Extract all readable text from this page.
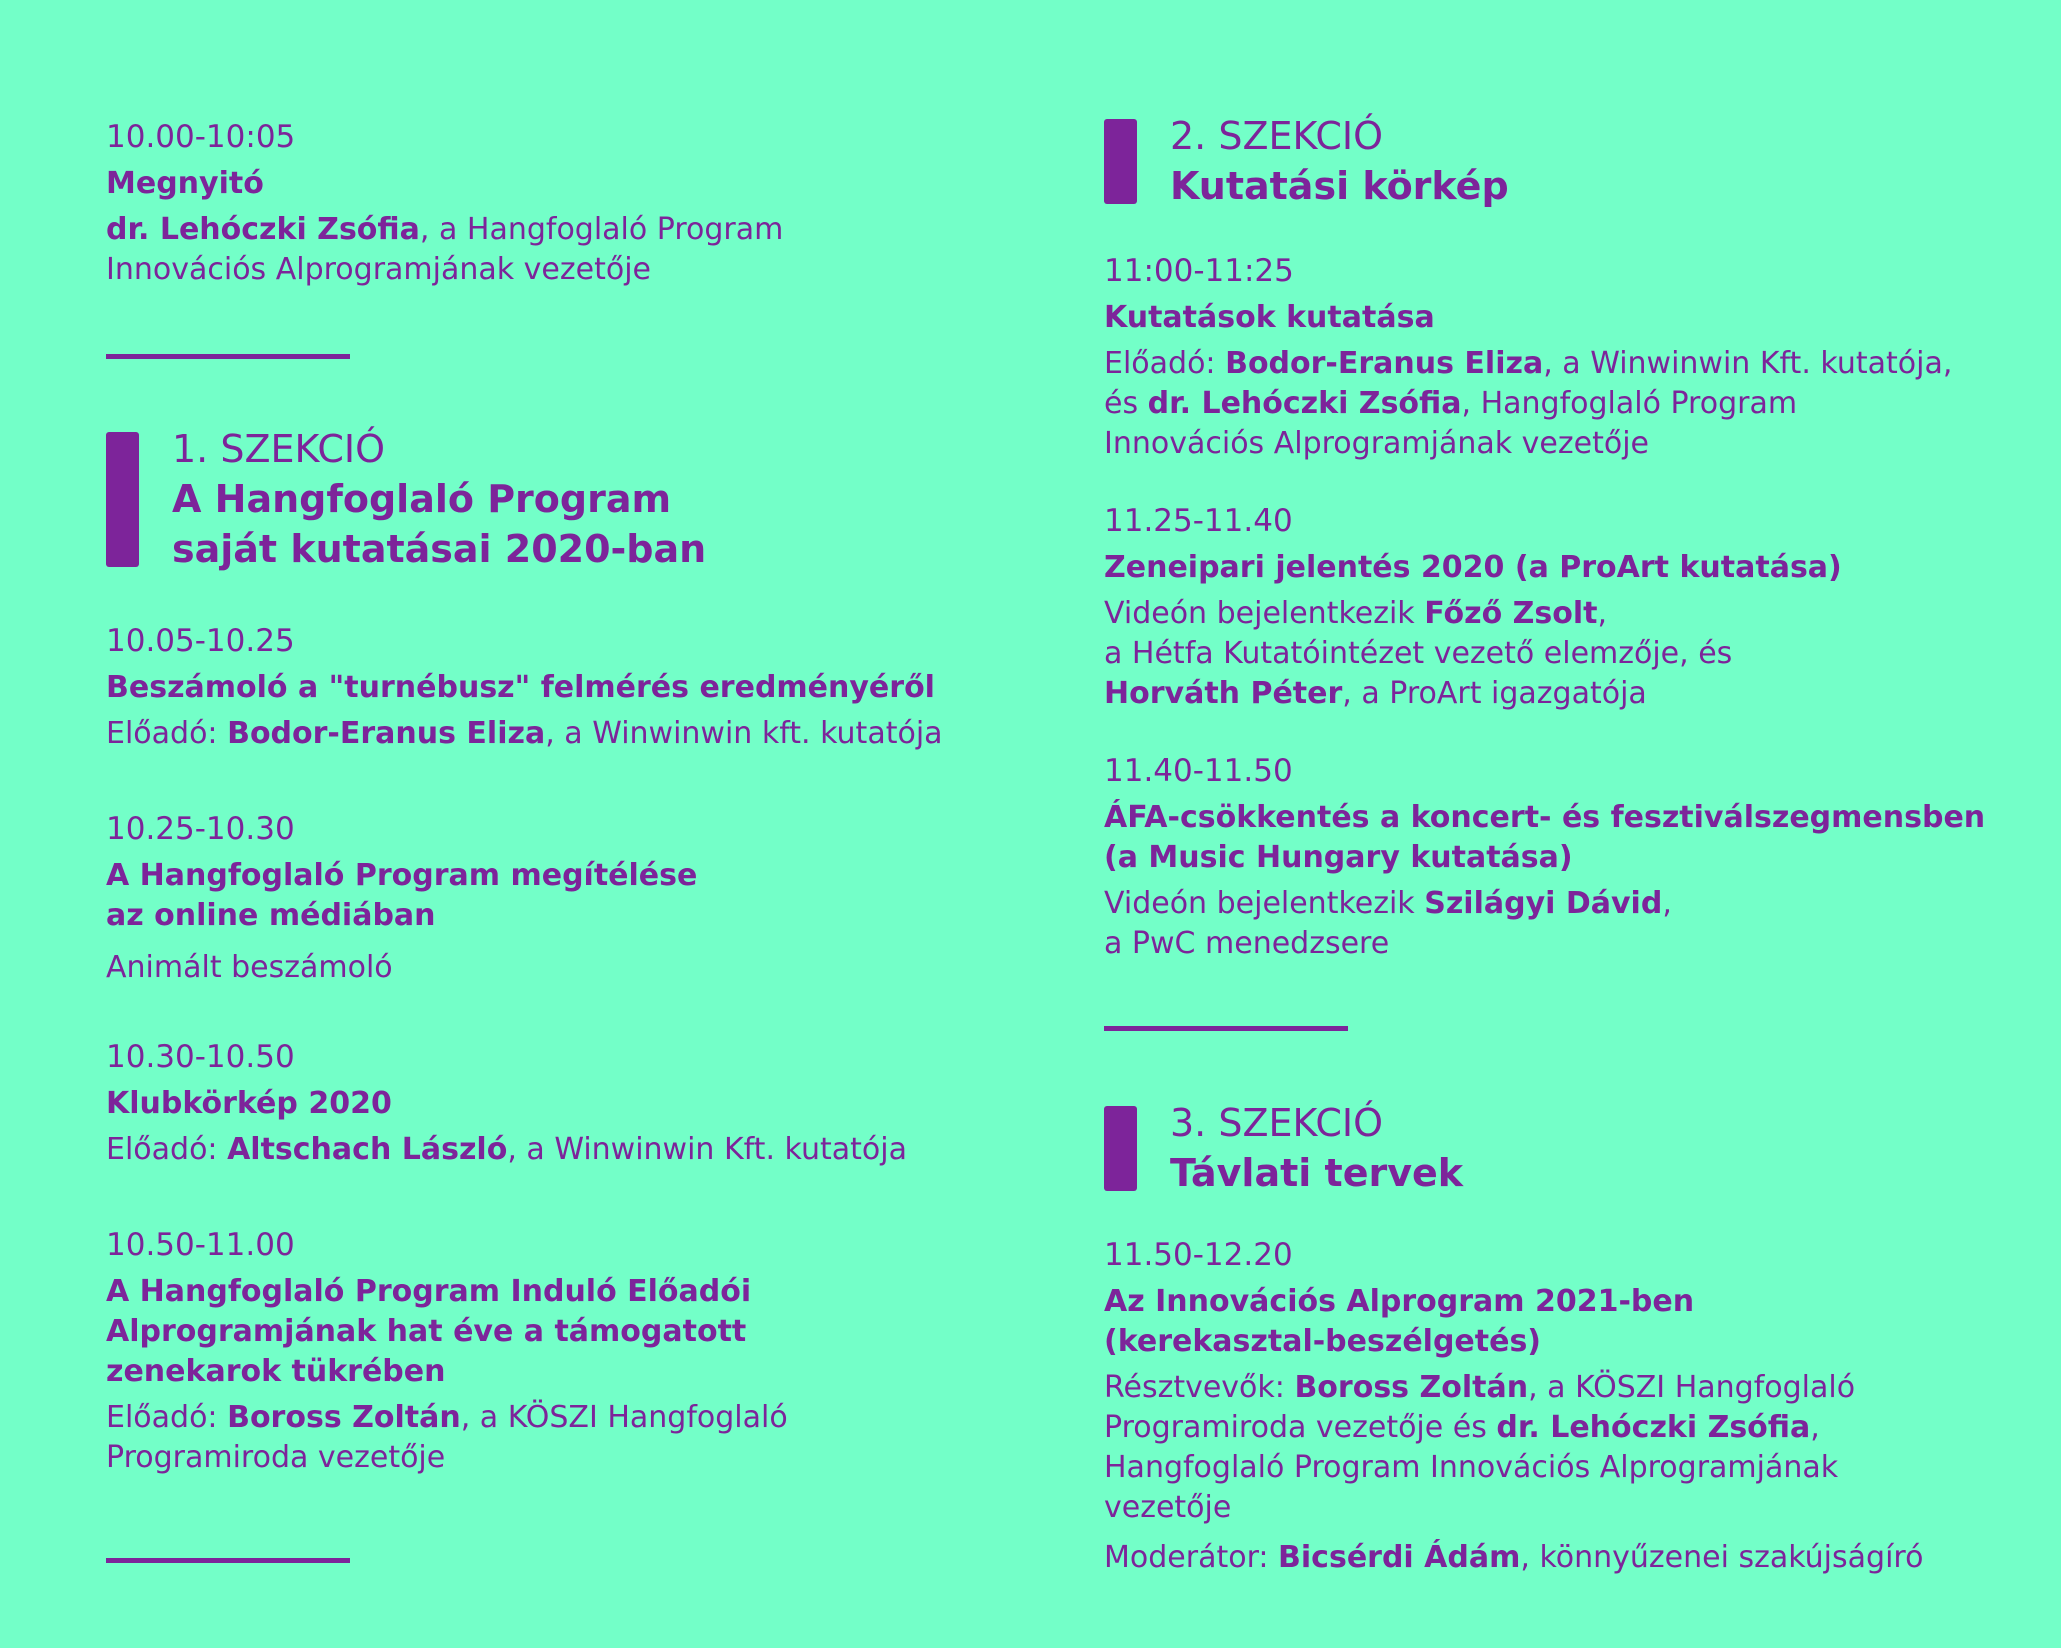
10.00-10:05
Megnyitó
dr. Lehóczki Zsófia, a Hangfoglaló Program
Innovációs Alprogramjának vezetője
1. SZEKCIÓ
A Hangfoglaló Program
saját kutatásai 2020-ban
10.05-10.25
Beszámoló a "turnébusz" felmérés eredményéről
Előadó: Bodor-Eranus Eliza, a Winwinwin kft. kutatója
10.25-10.30
A Hangfoglaló Program megítélése
az online médiában
Animált beszámoló
10.30-10.50
Klubkörkép 2020
Előadó: Altschach László, a Winwinwin Kft. kutatója
10.50-11.00
A Hangfoglaló Program Induló Előadói
Alprogramjának hat éve a támogatott
zenekarok tükrében
Előadó: Boross Zoltán, a KÖSZI Hangfoglaló
Programiroda vezetője
2. SZEKCIÓ
Kutatási körkép
11:00-11:25
Kutatások kutatása
Előadó: Bodor-Eranus Eliza, a Winwinwin Kft. kutatója,
és dr. Lehóczki Zsófia, Hangfoglaló Program
Innovációs Alprogramjának vezetője
11.25-11.40
Zeneipari jelentés 2020 (a ProArt kutatása)
Videón bejelentkezik Főző Zsolt,
a Hétfa Kutatóintézet vezető elemzője, és
Horváth Péter, a ProArt igazgatója
11.40-11.50
ÁFA-csökkentés a koncert- és fesztiválszegmensben
(a Music Hungary kutatása)
Videón bejelentkezik Szilágyi Dávid,
a PwC menedzsere
3. SZEKCIÓ
Távlati tervek
11.50-12.20
Az Innovációs Alprogram 2021-ben
(kerekasztal-beszélgetés)
Résztvevők: Boross Zoltán, a KÖSZI Hangfoglaló
Programiroda vezetője és dr. Lehóczki Zsófia,
Hangfoglaló Program Innovációs Alprogramjának
vezetője
Moderátor: Bicsérdi Ádám, könnyűzenei szakújságíró
